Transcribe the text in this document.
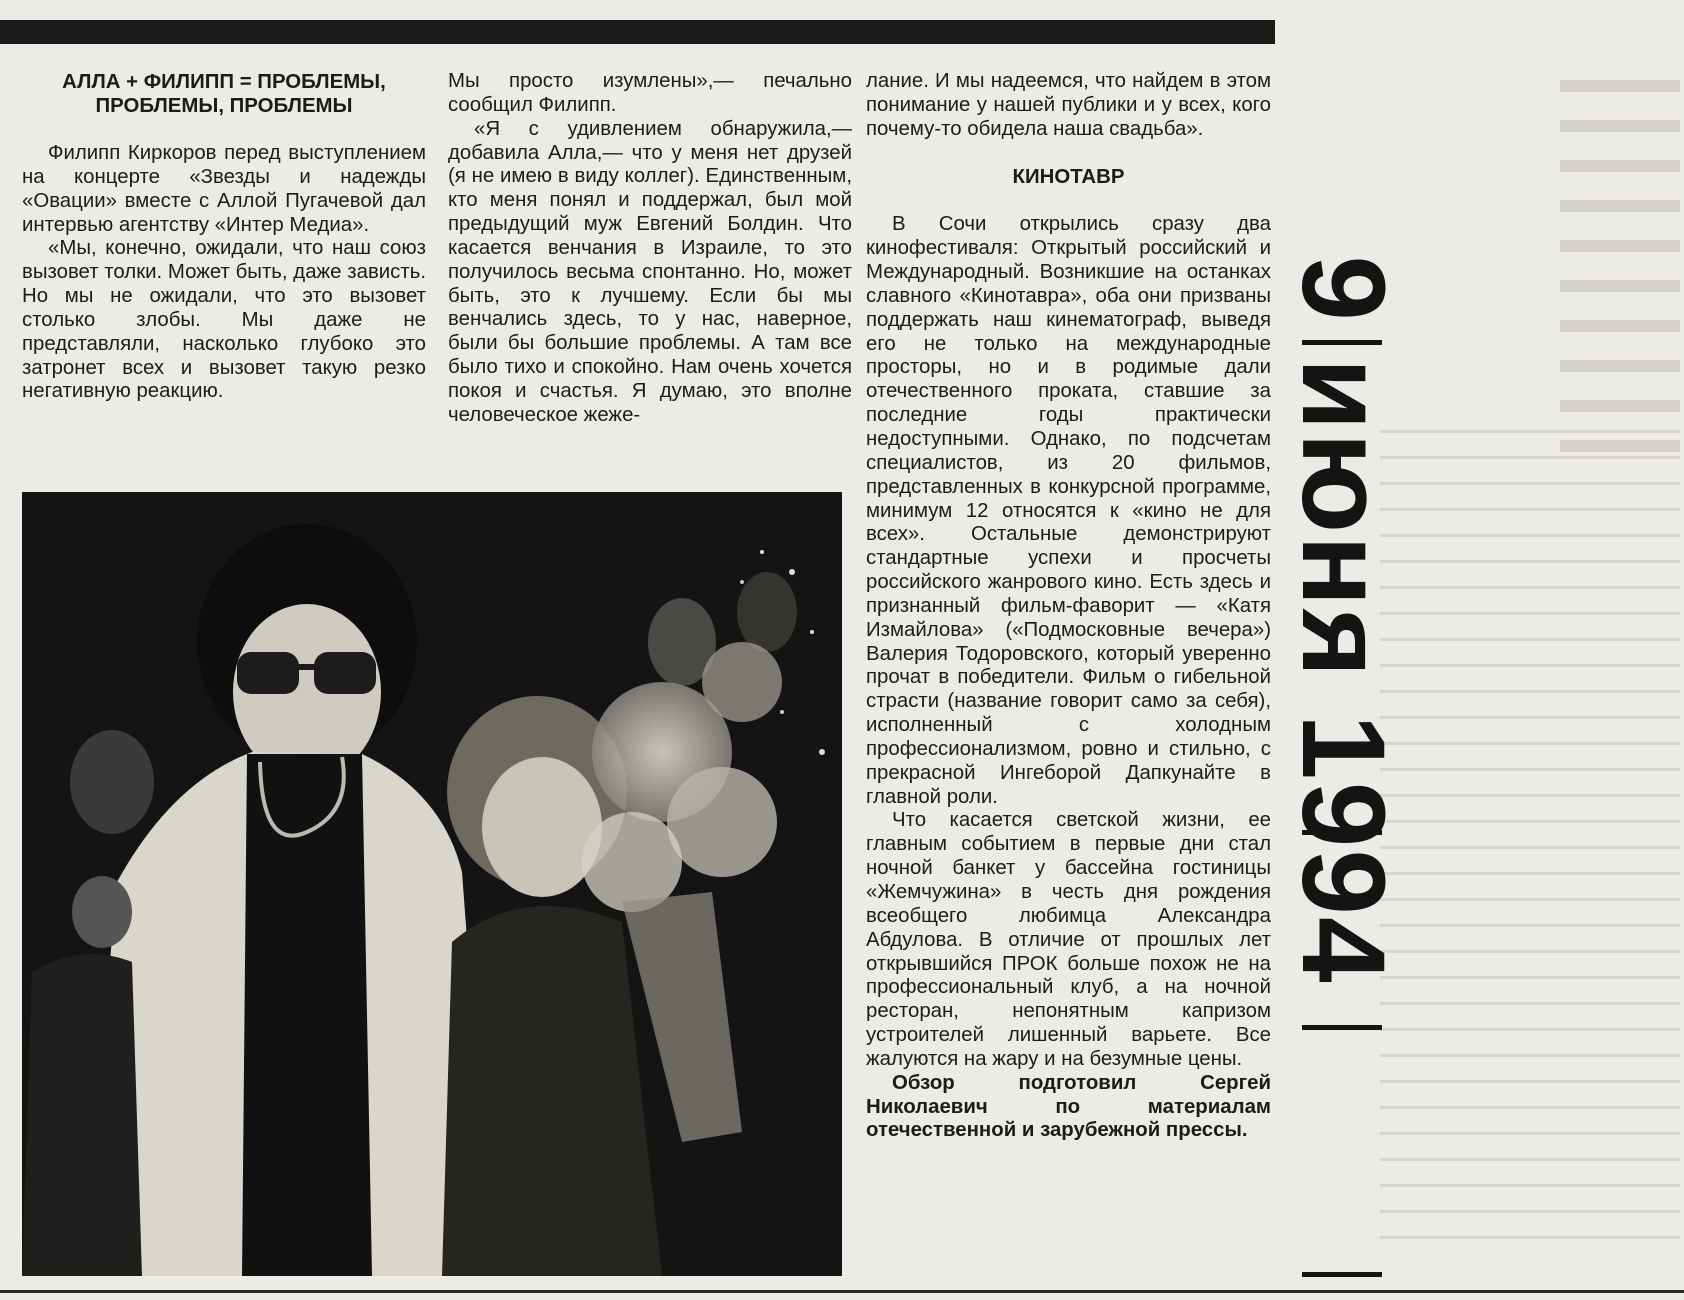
АЛЛА + ФИЛИПП = ПРОБЛЕМЫ, ПРОБЛЕМЫ, ПРОБЛЕМЫ

Филипп Киркоров перед выступлением на концерте «Звезды и надежды «Овации» вместе с Аллой Пугачевой дал интервью агентству «Интер Медиа».

«Мы, конечно, ожидали, что наш союз вызовет толки. Может быть, даже зависть. Но мы не ожидали, что это вызовет столько злобы. Мы даже не представляли, насколько глубоко это затронет всех и вызовет такую резко негативную реакцию.

Мы просто изумлены»,— печально сообщил Филипп.

«Я с удивлением обнаружила,— добавила Алла,— что у меня нет друзей (я не имею в виду коллег). Единственным, кто меня понял и поддержал, был мой предыдущий муж Евгений Болдин. Что касается венчания в Израиле, то это получилось весьма спонтанно. Но, может быть, это к лучшему. Если бы мы венчались здесь, то у нас, наверное, были бы большие проблемы. А там все было тихо и спокойно. Нам очень хочется покоя и счастья. Я думаю, это вполне человеческое жеже-

лание. И мы надеемся, что найдем в этом понимание у нашей публики и у всех, кого почему-то обидела наша свадьба».

КИНОТАВР

В Сочи открылись сразу два кинофестиваля: Открытый российский и Международный. Возникшие на останках славного «Кинотавра», оба они призваны поддержать наш кинематограф, выведя его не только на международные просторы, но и в родимые дали отечественного проката, ставшие за последние годы практически недоступными. Однако, по подсчетам специалистов, из 20 фильмов, представленных в конкурсной программе, минимум 12 относятся к «кино не для всех». Остальные демонстрируют стандартные успехи и просчеты российского жанрового кино. Есть здесь и признанный фильм-фаворит — «Катя Измайлова» («Подмосковные вечера») Валерия Тодоровского, который уверенно прочат в победители. Фильм о гибельной страсти (название говорит само за себя), исполненный с холодным профессионализмом, ровно и стильно, с прекрасной Ингеборой Дапкунайте в главной роли.

Что касается светской жизни, ее главным событием в первые дни стал ночной банкет у бассейна гостиницы «Жемчужина» в честь дня рождения всеобщего любимца Александра Абдулова. В отличие от прошлых лет открывшийся ПРОК больше похож не на профессиональный клуб, а на ночной ресторан, непонятным капризом устроителей лишенный варьете. Все жалуются на жару и на безумные цены.

Обзор подготовил Сергей Николаевич по материалам отечественной и зарубежной прессы.

9 июня 1994
